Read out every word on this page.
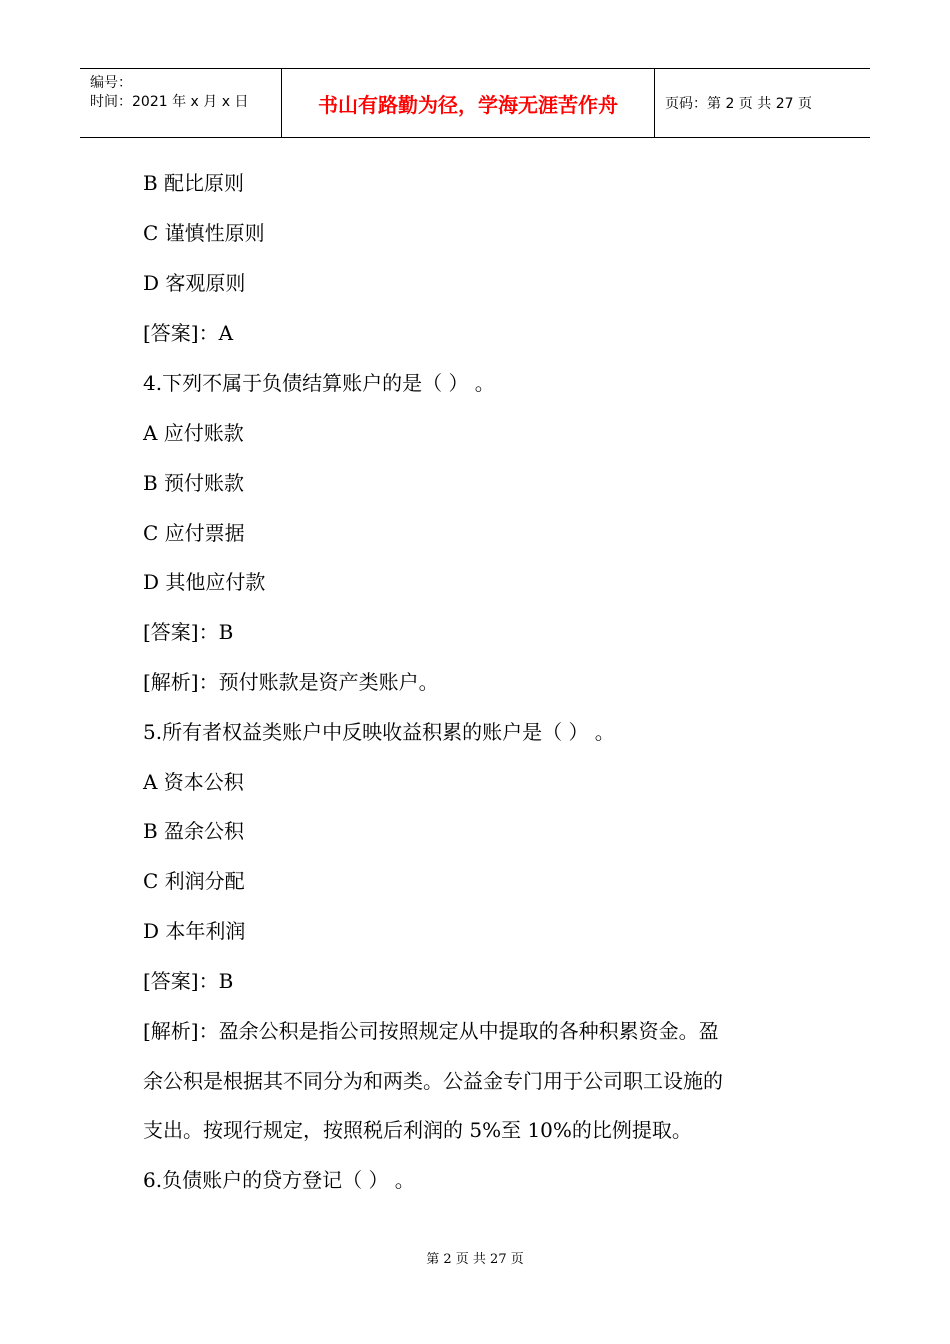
编号：
时间：2021 年 x 月 x 日	书山有路勤为径，学海无涯苦作舟	页码：第 2 页 共 27 页
B 配比原则
C 谨慎性原则
D 客观原则
[答案]：A
4.下列不属于负债结算账户的是（ ） 。
A 应付账款
B 预付账款
C 应付票据
D 其他应付款
[答案]：B
[解析]：预付账款是资产类账户。
5.所有者权益类账户中反映收益积累的账户是（ ） 。
A 资本公积
B 盈余公积
C 利润分配
D 本年利润
[答案]：B
[解析]：盈余公积是指公司按照规定从中提取的各种积累资金。盈
余公积是根据其不同分为和两类。公益金专门用于公司职工设施的
支出。按现行规定，按照税后利润的 5%至 10%的比例提取。
6.负债账户的贷方登记（ ） 。
第 2 页 共 27 页
